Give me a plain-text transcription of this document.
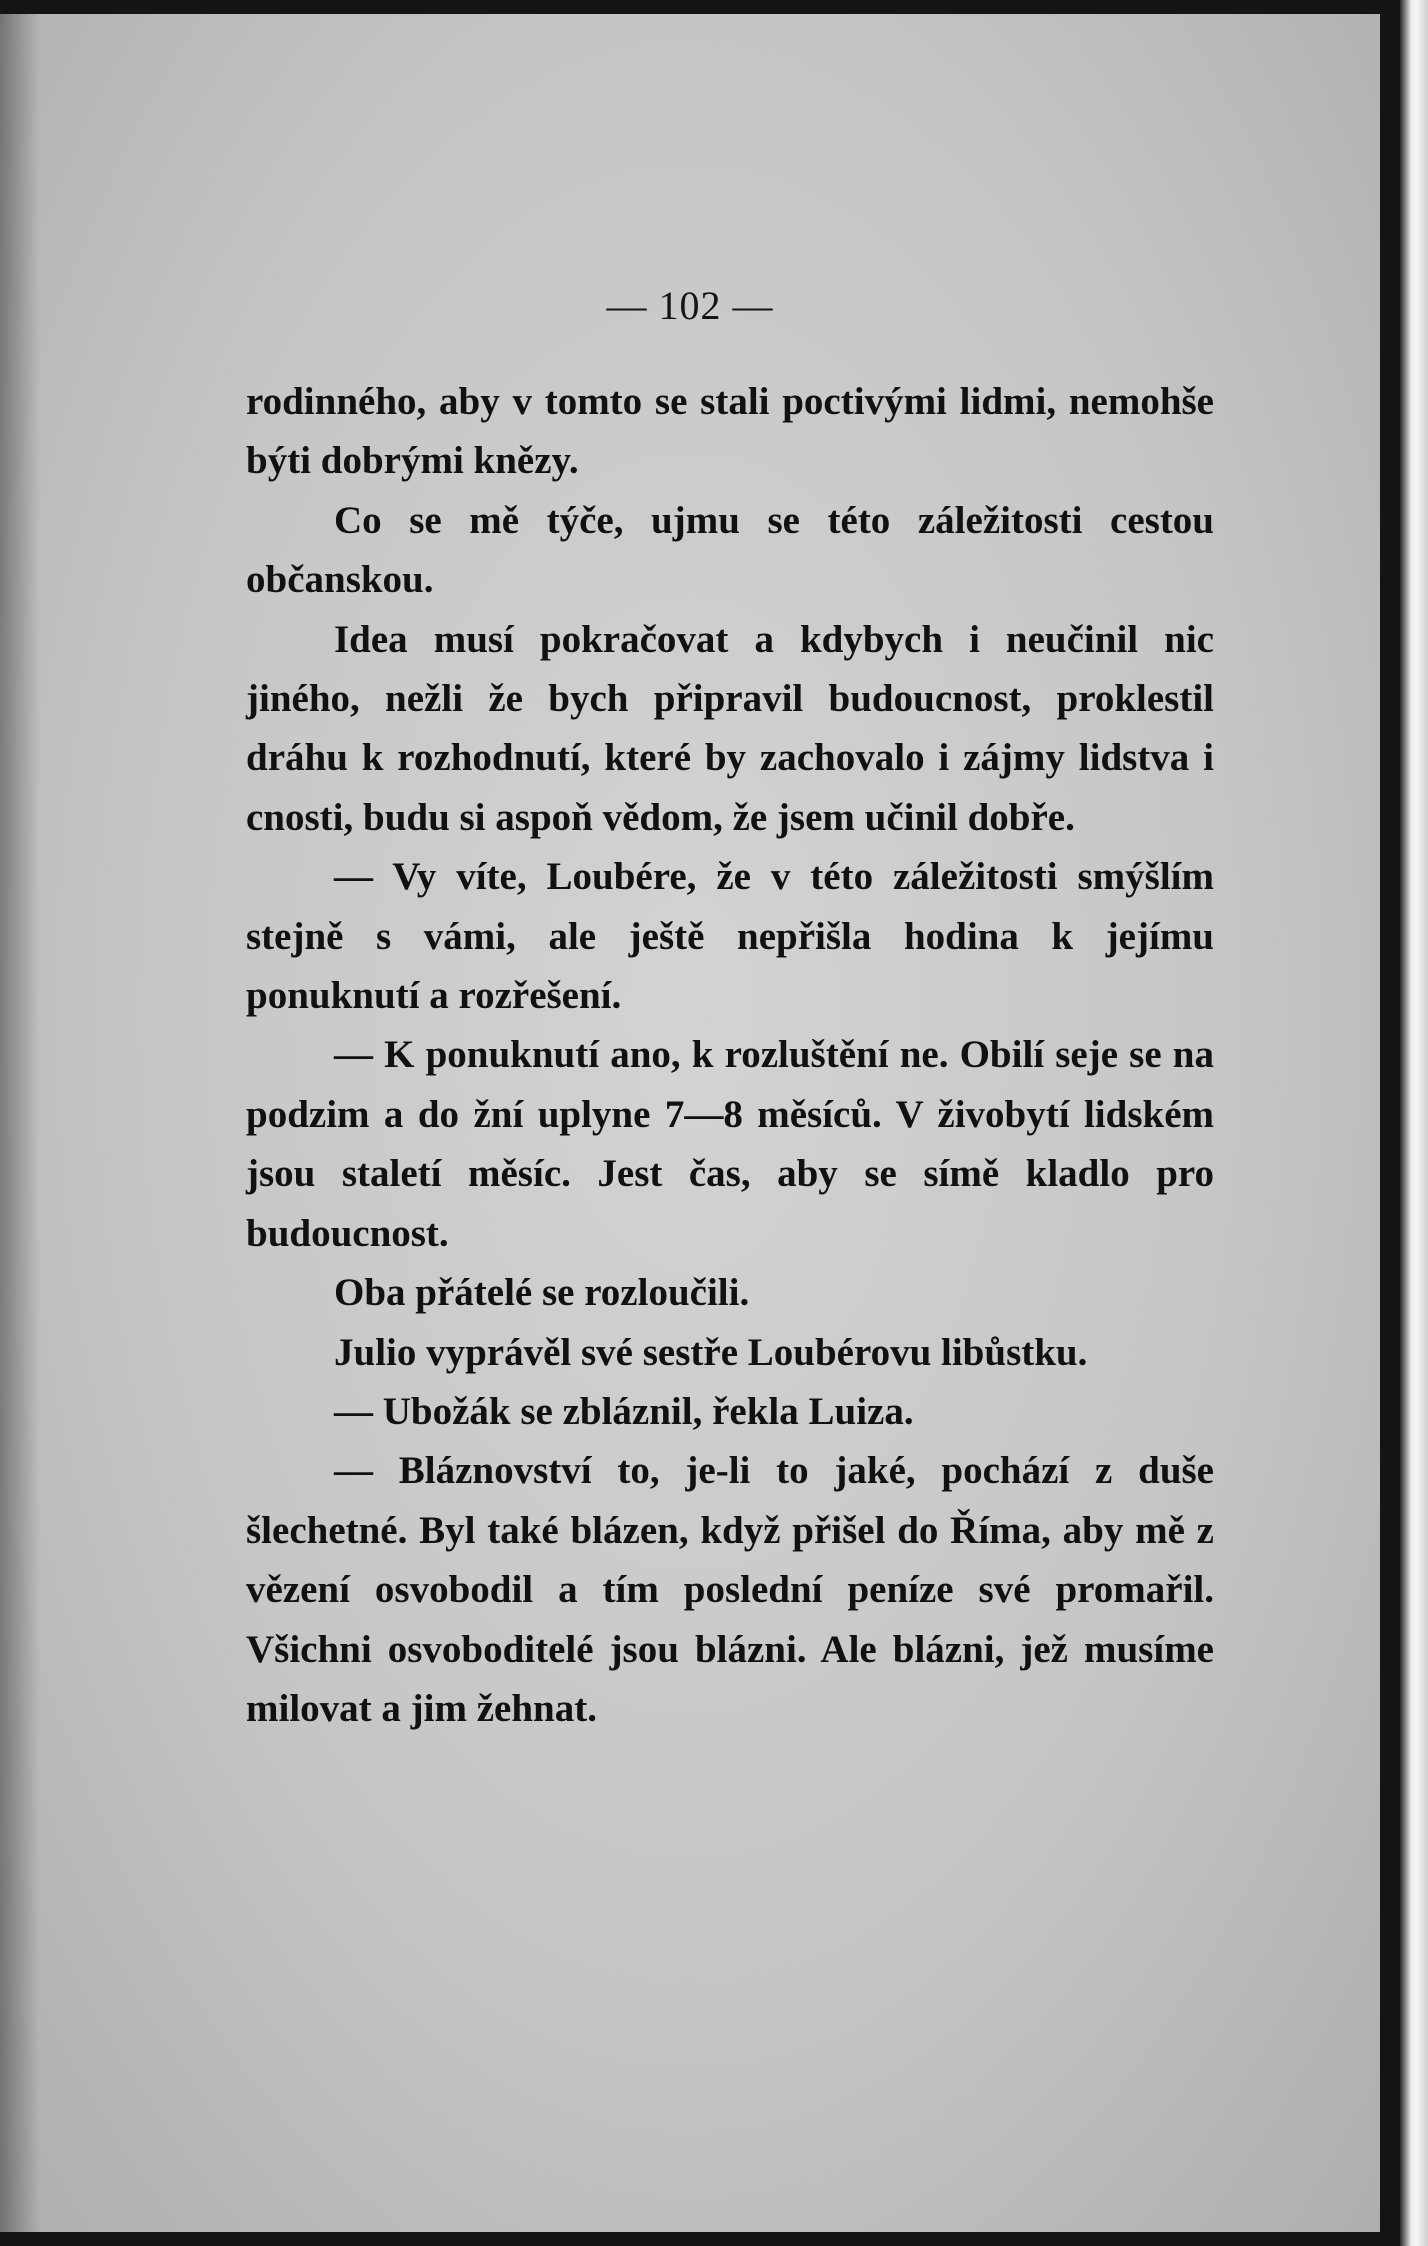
— 102 —

rodinného, aby v tomto se stali poctivými lidmi, nemohše býti dobrými knězy.

Co se mě týče, ujmu se této záležitosti cestou občanskou.

Idea musí pokračovat a kdybych i neučinil nic jiného, nežli že bych připravil budoucnost, proklestil dráhu k rozhodnutí, které by zachovalo i zájmy lidstva i cnosti, budu si aspoň vědom, že jsem učinil dobře.

— Vy víte, Loubére, že v této záležitosti smýšlím stejně s vámi, ale ještě nepřišla hodina k jejímu ponuknutí a rozřešení.

— K ponuknutí ano, k rozluštění ne. Obilí seje se na podzim a do žní uplyne 7—8 měsíců. V živobytí lidském jsou staletí měsíc. Jest čas, aby se símě kladlo pro budoucnost.

Oba přátelé se rozloučili.

Julio vyprávěl své sestře Loubérovu libůstku.

— Ubožák se zbláznil, řekla Luiza.

— Bláznovství to, je-li to jaké, pochází z duše šlechetné. Byl také blázen, když přišel do Říma, aby mě z vězení osvobodil a tím poslední peníze své promařil. Všichni osvoboditelé jsou blázni. Ale blázni, jež musíme milovat a jim žehnat.
